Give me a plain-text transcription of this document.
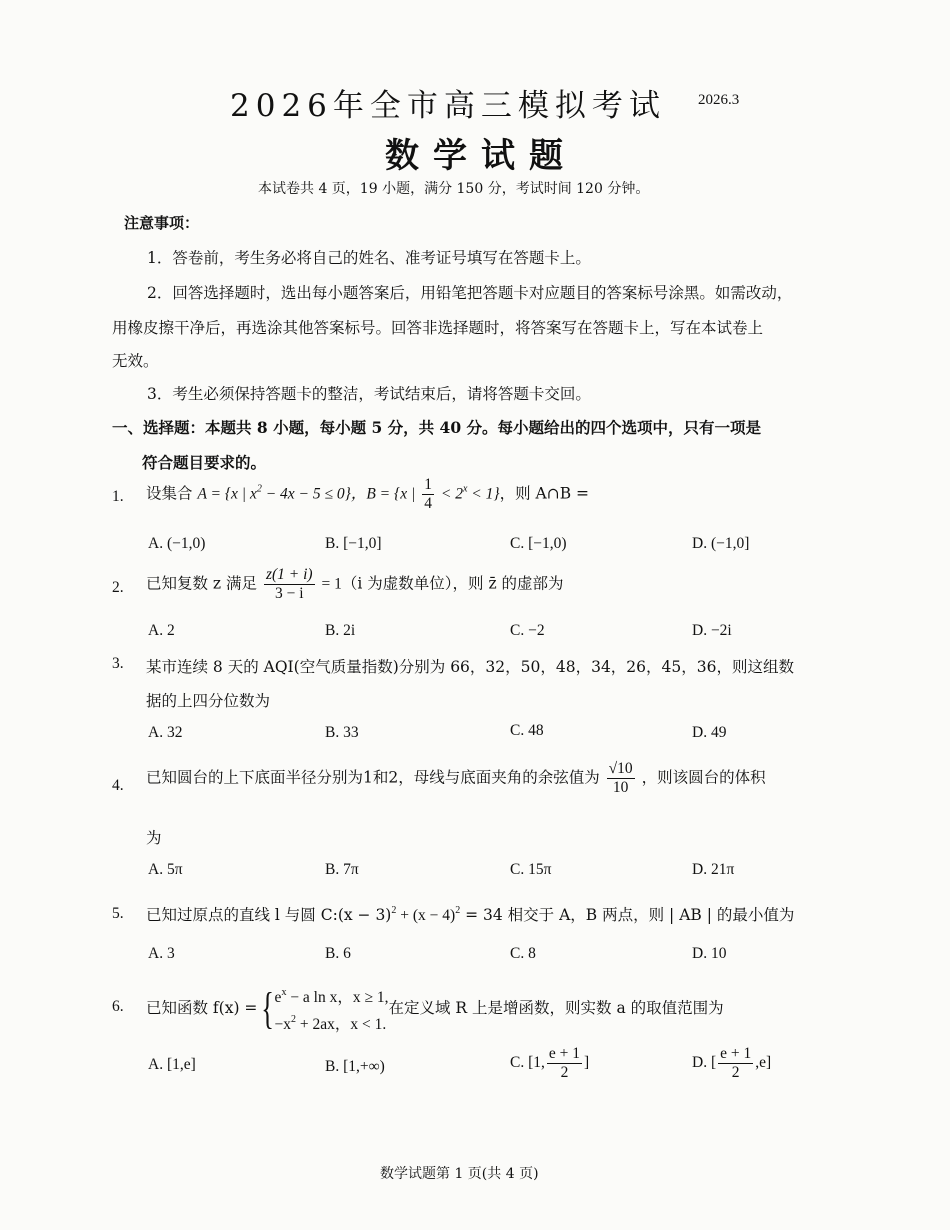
2026年全市高三模拟考试 2026.3
数学试题
本试卷共 4 页，19 小题，满分 150 分，考试时间 120 分钟。
注意事项：
1．答卷前，考生务必将自己的姓名、准考证号填写在答题卡上。
2．回答选择题时，选出每小题答案后，用铅笔把答题卡对应题目的答案标号涂黑。如需改动，
用橡皮擦干净后，再选涂其他答案标号。回答非选择题时，将答案写在答题卡上，写在本试卷上
无效。
3．考生必须保持答题卡的整洁，考试结束后，请将答题卡交回。
一、选择题：本题共 8 小题，每小题 5 分，共 40 分。每小题给出的四个选项中，只有一项是
符合题目要求的。
1. 设集合 A = {x | $x^2 - 4x - 5 \le 0$}，B = {x | $\frac{1}{4} < 2^x < 1$}，则 A∩B =
A. (−1,0)	B. [−1,0]	C. [−1,0)	D. (−1,0]
2. 已知复数 z 满足 $\frac{z(1 + i)}{3 - i} = 1(i$ 为虚数单位），则 z̄ 的虚部为
A. 2	B. 2i	C. −2	D. −2i
3. 某市连续 8 天的 AQI(空气质量指数)分别为 66，32，50，48，34，26，45，36，则这组数
据的上四分位数为
A. 32	B. 33	C. 48	D. 49
4. 已知圆台的上下底面半径分别为1和2，母线与底面夹角的余弦值为 $\frac{√10}{10}$ ，则该圆台的体积
为
A. 5π	B. 7π	C. 15π	D. 21π
5. 已知过原点的直线 l 与圆 C:(x − $3)^2 + (x - 4)^2 = 34$ 相交于 A，B 两点，则 | AB | 的最小值为
A. 3	B. 6	C. 8	D. 10
6. 已知函数 f(x) ={ $e^x - a$ ln x，x ≥ 1,
$-x^2 + 2ax$，x < 1.
在定义域 R 上是增函数，则实数 a 的取值范围为
A. [1,e]	B. [1,+∞)	C. [1, $\frac{e + 1}{2}$ ]	D. [ $\frac{e + 1}{2} ,e$]
数学试题第 1 页(共 4 页)
